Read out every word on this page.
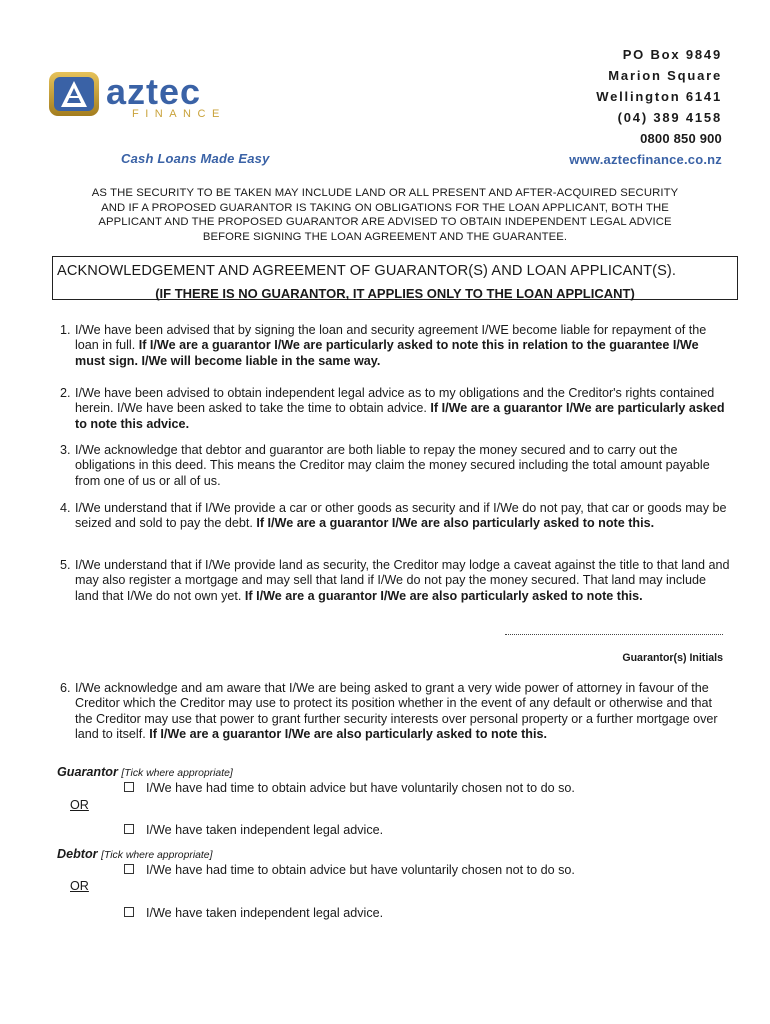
aztec
FINANCE
Cash Loans Made Easy
PO Box 9849
Marion Square
Wellington 6141
(04) 389 4158
0800 850 900
www.aztecfinance.co.nz
AS THE SECURITY TO BE TAKEN MAY INCLUDE LAND OR ALL PRESENT AND AFTER-ACQUIRED SECURITY
AND IF A PROPOSED GUARANTOR IS TAKING ON OBLIGATIONS FOR THE LOAN APPLICANT, BOTH THE
APPLICANT AND THE PROPOSED GUARANTOR ARE ADVISED TO OBTAIN INDEPENDENT LEGAL ADVICE
BEFORE SIGNING THE LOAN AGREEMENT AND THE GUARANTEE.
ACKNOWLEDGEMENT AND AGREEMENT OF GUARANTOR(S) AND LOAN APPLICANT(S).
(IF THERE IS NO GUARANTOR, IT APPLIES ONLY TO THE LOAN APPLICANT)
1. I/We have been advised that by signing the loan and security agreement I/WE become liable for repayment of the loan in full. If I/We are a guarantor I/We are particularly asked to note this in relation to the guarantee I/We must sign. I/We will become liable in the same way.
2. I/We have been advised to obtain independent legal advice as to my obligations and the Creditor's rights contained herein. I/We have been asked to take the time to obtain advice. If I/We are a guarantor I/We are particularly asked to note this advice.
3. I/We acknowledge that debtor and guarantor are both liable to repay the money secured and to carry out the obligations in this deed. This means the Creditor may claim the money secured including the total amount payable from one of us or all of us.
4. I/We understand that if I/We provide a car or other goods as security and if I/We do not pay, that car or goods may be seized and sold to pay the debt. If I/We are a guarantor I/We are also particularly asked to note this.
5. I/We understand that if I/We provide land as security, the Creditor may lodge a caveat against the title to that land and may also register a mortgage and may sell that land if I/We do not pay the money secured. That land may include land that I/We do not own yet. If I/We are a guarantor I/We are also particularly asked to note this.
Guarantor(s) Initials
6. I/We acknowledge and am aware that I/We are being asked to grant a very wide power of attorney in favour of the Creditor which the Creditor may use to protect its position whether in the event of any default or otherwise and that the Creditor may use that power to grant further security interests over personal property or a further mortgage over land to itself. If I/We are a guarantor I/We are also particularly asked to note this.
Guarantor [Tick where appropriate]
I/We have had time to obtain advice but have voluntarily chosen not to do so.
OR
I/We have taken independent legal advice.
Debtor [Tick where appropriate]
I/We have had time to obtain advice but have voluntarily chosen not to do so.
OR
I/We have taken independent legal advice.
